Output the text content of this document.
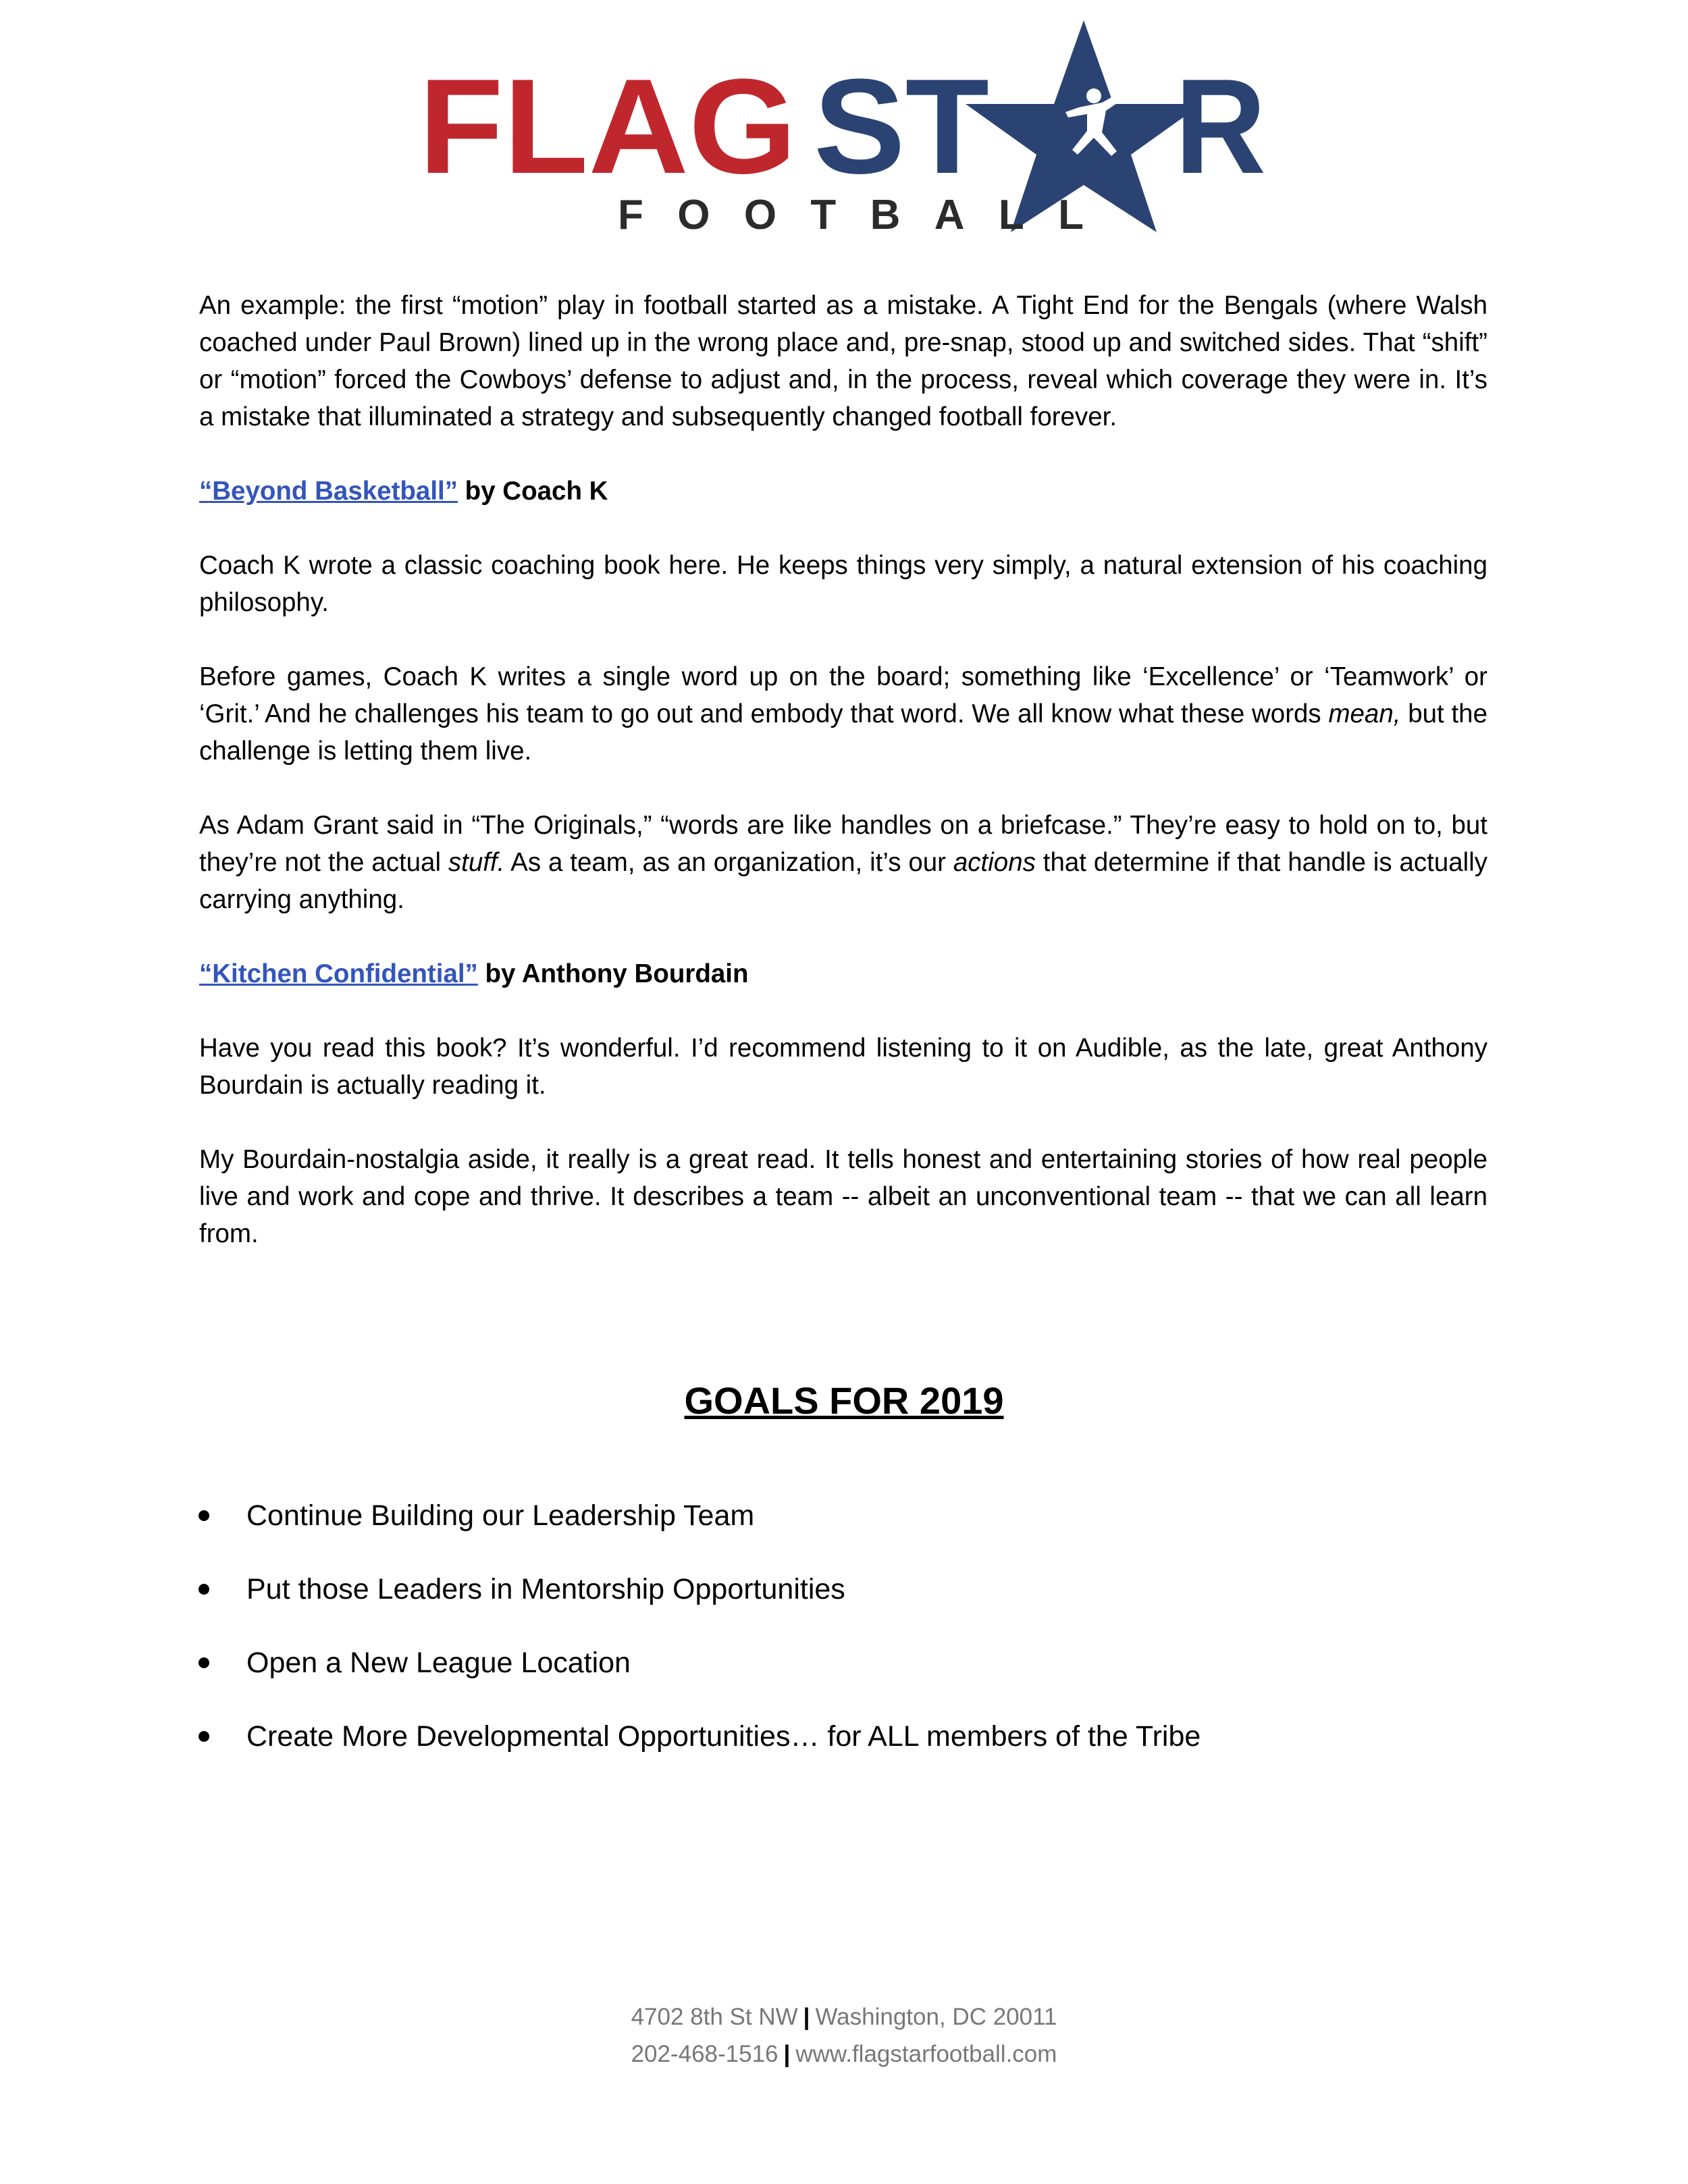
FLAG ST R
FOOTBALL

An example: the first “motion” play in football started as a mistake. A Tight End for the Bengals (where Walsh coached under Paul Brown) lined up in the wrong place and, pre-snap, stood up and switched sides. That “shift” or “motion” forced the Cowboys’ defense to adjust and, in the process, reveal which coverage they were in. It’s a mistake that illuminated a strategy and subsequently changed football forever.

“Beyond Basketball” by Coach K

Coach K wrote a classic coaching book here. He keeps things very simply, a natural extension of his coaching philosophy.

Before games, Coach K writes a single word up on the board; something like ‘Excellence’ or ‘Teamwork’ or ‘Grit.’ And he challenges his team to go out and embody that word. We all know what these words mean, but the challenge is letting them live.

As Adam Grant said in “The Originals,” “words are like handles on a briefcase.” They’re easy to hold on to, but they’re not the actual stuff. As a team, as an organization, it’s our actions that determine if that handle is actually carrying anything.

“Kitchen Confidential” by Anthony Bourdain

Have you read this book? It’s wonderful. I’d recommend listening to it on Audible, as the late, great Anthony Bourdain is actually reading it.

My Bourdain-nostalgia aside, it really is a great read. It tells honest and entertaining stories of how real people live and work and cope and thrive. It describes a team -- albeit an unconventional team -- that we can all learn from.

GOALS FOR 2019
Continue Building our Leadership Team
Put those Leaders in Mentorship Opportunities
Open a New League Location
Create More Developmental Opportunities… for ALL members of the Tribe
4702 8th St NW | Washington, DC 20011
202-468-1516 | www.flagstarfootball.com
